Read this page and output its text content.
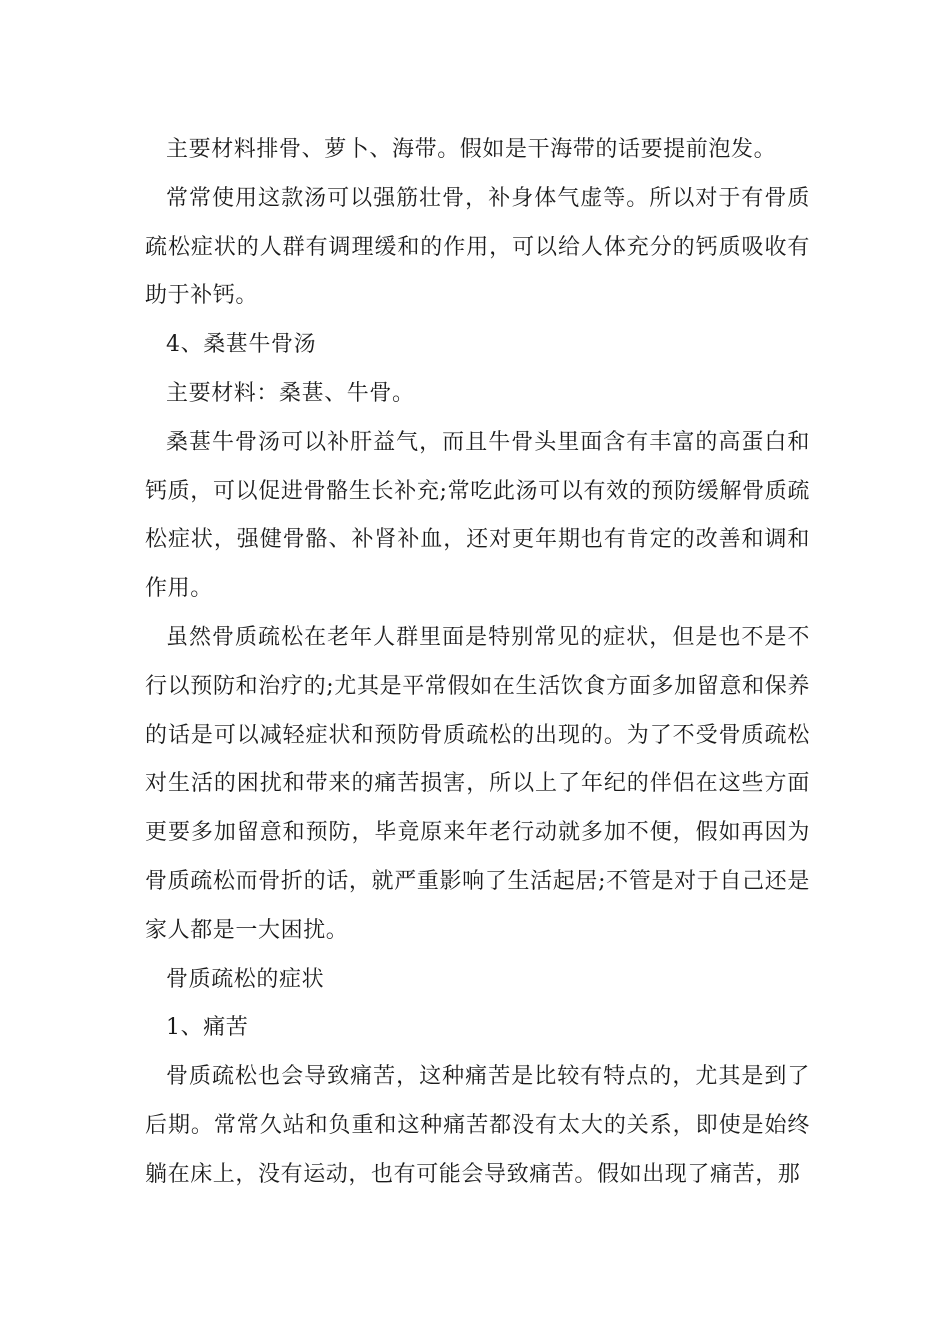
主要材料排骨、萝卜、海带。假如是干海带的话要提前泡发。

常常使用这款汤可以强筋壮骨，补身体气虚等。所以对于有骨质疏松症状的人群有调理缓和的作用，可以给人体充分的钙质吸收有助于补钙。

4、桑葚牛骨汤

主要材料：桑葚、牛骨。

桑葚牛骨汤可以补肝益气，而且牛骨头里面含有丰富的高蛋白和钙质，可以促进骨骼生长补充;常吃此汤可以有效的预防缓解骨质疏松症状，强健骨骼、补肾补血，还对更年期也有肯定的改善和调和作用。

虽然骨质疏松在老年人群里面是特别常见的症状，但是也不是不行以预防和治疗的;尤其是平常假如在生活饮食方面多加留意和保养的话是可以减轻症状和预防骨质疏松的出现的。为了不受骨质疏松对生活的困扰和带来的痛苦损害，所以上了年纪的伴侣在这些方面更要多加留意和预防，毕竟原来年老行动就多加不便，假如再因为骨质疏松而骨折的话，就严重影响了生活起居;不管是对于自己还是家人都是一大困扰。

骨质疏松的症状

1、痛苦

骨质疏松也会导致痛苦，这种痛苦是比较有特点的，尤其是到了后期。常常久站和负重和这种痛苦都没有太大的关系，即使是始终躺在床上，没有运动，也有可能会导致痛苦。假如出现了痛苦，那
